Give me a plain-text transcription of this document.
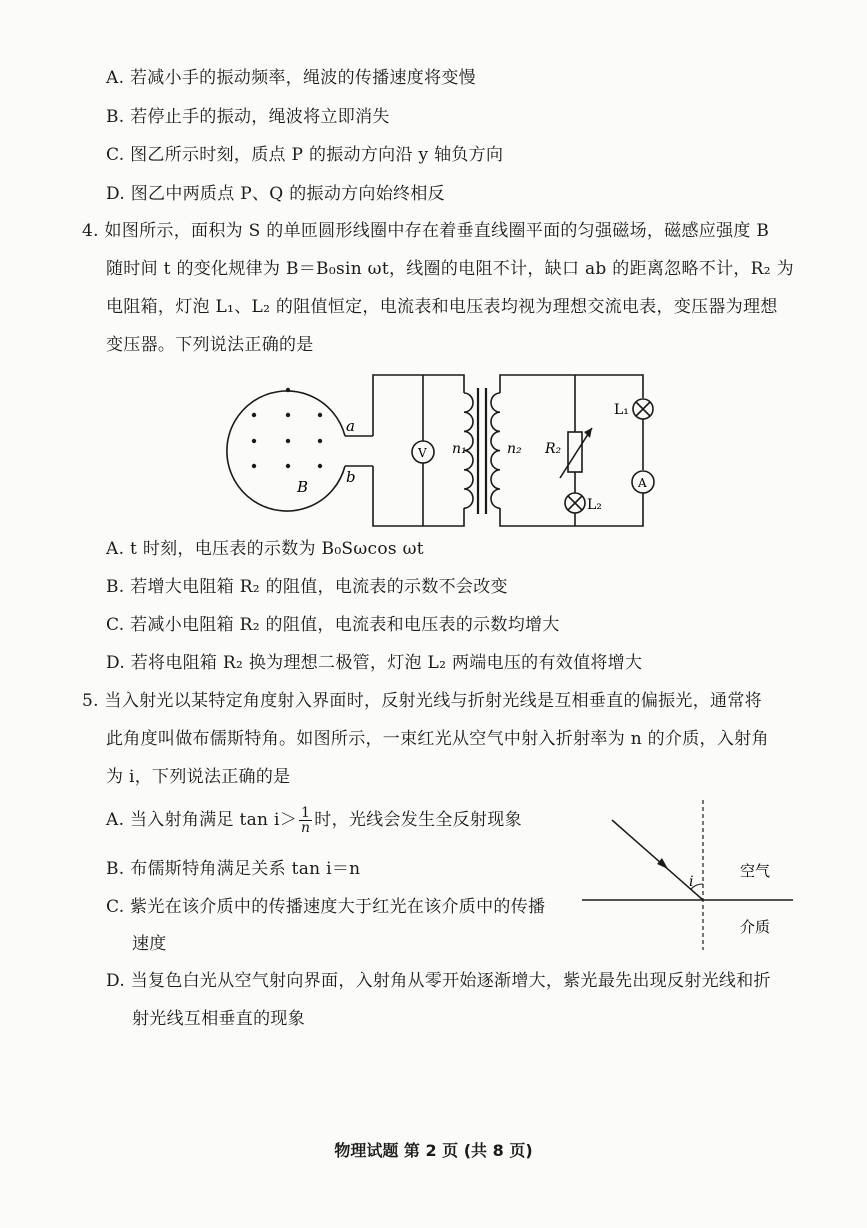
A. 若减小手的振动频率，绳波的传播速度将变慢
B. 若停止手的振动，绳波将立即消失
C. 图乙所示时刻，质点 P 的振动方向沿 y 轴负方向
D. 图乙中两质点 P、Q 的振动方向始终相反
4. 如图所示，面积为 S 的单匝圆形线圈中存在着垂直线圈平面的匀强磁场，磁感应强度 B
随时间 t 的变化规律为 B＝B₀sin ωt，线圈的电阻不计，缺口 ab 的距离忽略不计，R₂ 为
电阻箱，灯泡 L₁、L₂ 的阻值恒定，电流表和电压表均视为理想交流电表，变压器为理想
变压器。下列说法正确的是
a
b
B
V
A
n₁	n₂ R₂
L₁
L₂
i
空气
介质
A. t 时刻，电压表的示数为 B₀Sωcos ωt
B. 若增大电阻箱 R₂ 的阻值，电流表的示数不会改变
C. 若减小电阻箱 R₂ 的阻值，电流表和电压表的示数均增大
D. 若将电阻箱 R₂ 换为理想二极管，灯泡 L₂ 两端电压的有效值将增大
5. 当入射光以某特定角度射入界面时，反射光线与折射光线是互相垂直的偏振光，通常将
此角度叫做布儒斯特角。如图所示，一束红光从空气中射入折射率为 n 的介质，入射角
为 i，下列说法正确的是
A. 当入射角满足 $\tan i> \frac{1}{n}$ 时，光线会发生全反射现象
B. 布儒斯特角满足关系 tan i＝n
C. 紫光在该介质中的传播速度大于红光在该介质中的传播
速度
D. 当复色白光从空气射向界面，入射角从零开始逐渐增大，紫光最先出现反射光线和折
射光线互相垂直的现象
物理试题 第 2 页 (共 8 页)
